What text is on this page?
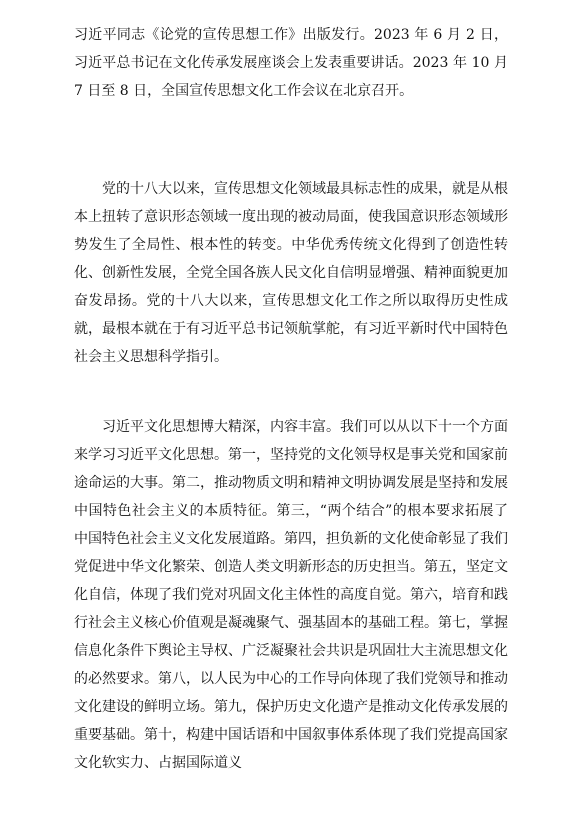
习近平同志《论党的宣传思想工作》出版发行。2023 年 6 月 2 日，习近平总书记在文化传承发展座谈会上发表重要讲话。2023 年 10 月 7 日至 8 日，全国宣传思想文化工作会议在北京召开。

党的十八大以来，宣传思想文化领域最具标志性的成果，就是从根本上扭转了意识形态领域一度出现的被动局面，使我国意识形态领域形势发生了全局性、根本性的转变。中华优秀传统文化得到了创造性转化、创新性发展，全党全国各族人民文化自信明显增强、精神面貌更加奋发昂扬。党的十八大以来，宣传思想文化工作之所以取得历史性成就，最根本就在于有习近平总书记领航掌舵，有习近平新时代中国特色社会主义思想科学指引。

习近平文化思想博大精深，内容丰富。我们可以从以下十一个方面来学习习近平文化思想。第一，坚持党的文化领导权是事关党和国家前途命运的大事。第二，推动物质文明和精神文明协调发展是坚持和发展中国特色社会主义的本质特征。第三，“两个结合”的根本要求拓展了中国特色社会主义文化发展道路。第四，担负新的文化使命彰显了我们党促进中华文化繁荣、创造人类文明新形态的历史担当。第五，坚定文化自信，体现了我们党对巩固文化主体性的高度自觉。第六，培育和践行社会主义核心价值观是凝魂聚气、强基固本的基础工程。第七，掌握信息化条件下舆论主导权、广泛凝聚社会共识是巩固壮大主流思想文化的必然要求。第八，以人民为中心的工作导向体现了我们党领导和推动文化建设的鲜明立场。第九，保护历史文化遗产是推动文化传承发展的重要基础。第十，构建中国话语和中国叙事体系体现了我们党提高国家文化软实力、占据国际道义
